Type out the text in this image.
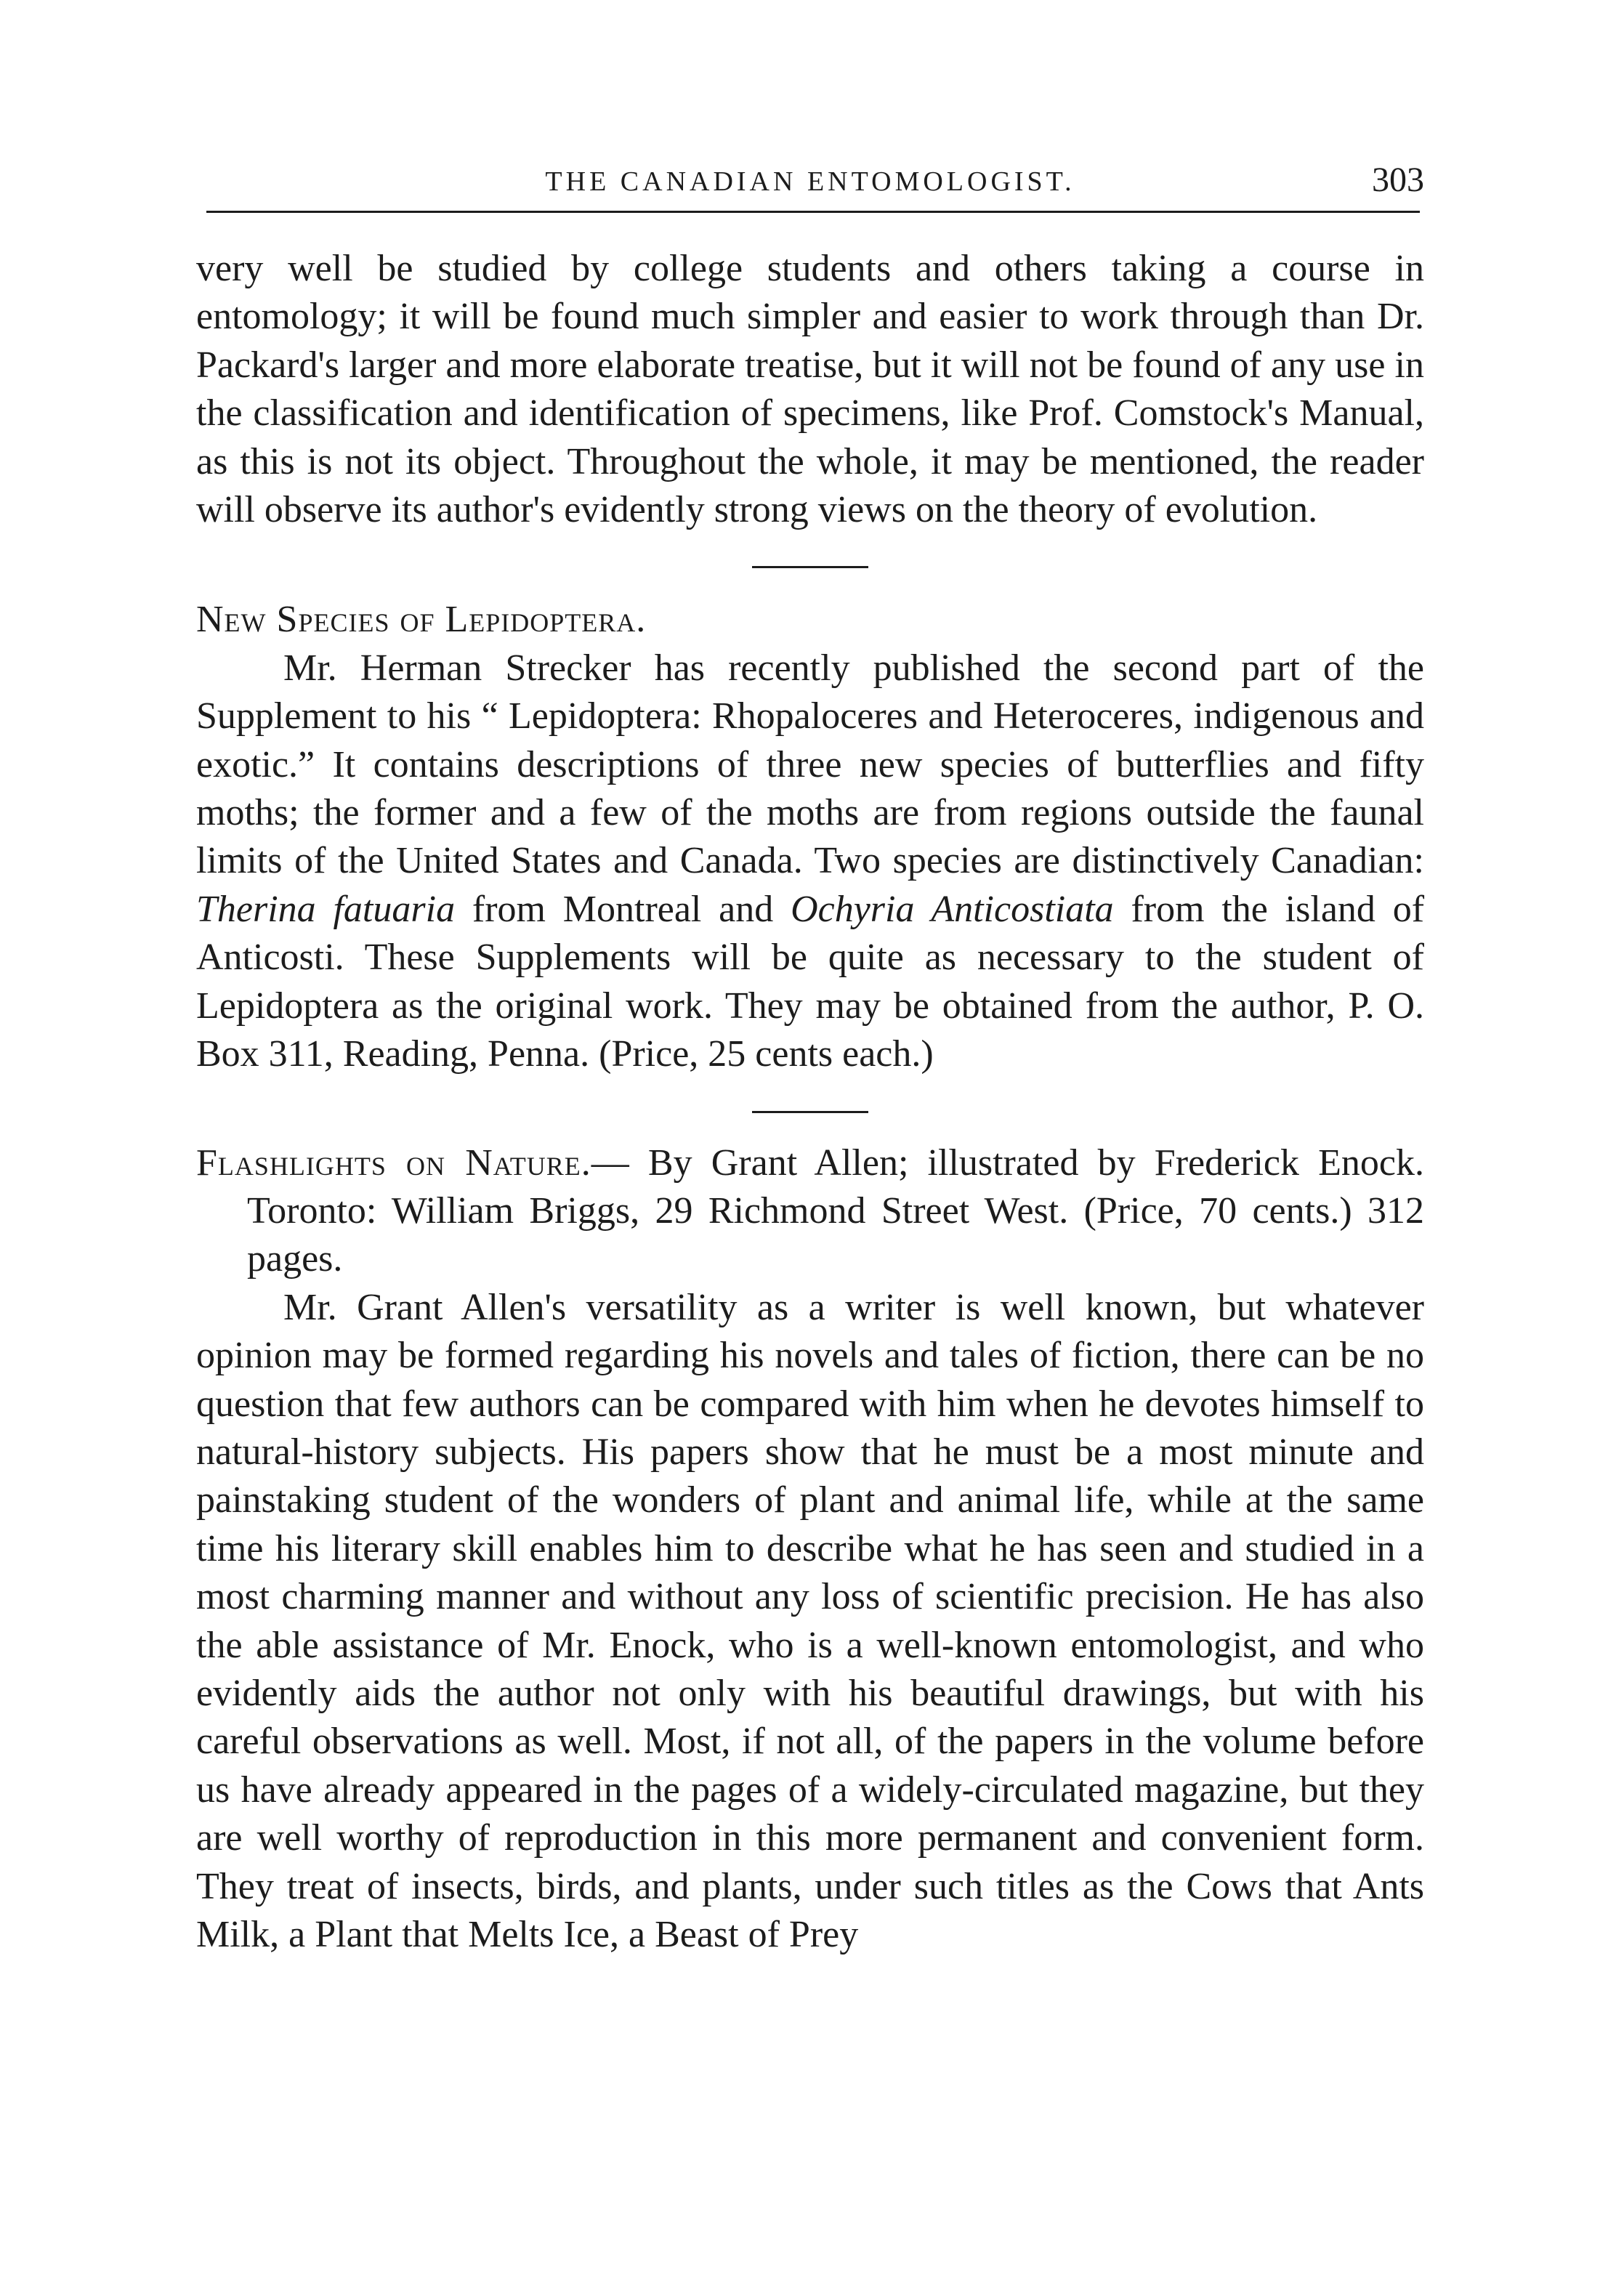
THE CANADIAN ENTOMOLOGIST.	303

very well be studied by college students and others taking a course in entomology; it will be found much simpler and easier to work through than Dr. Packard's larger and more elaborate treatise, but it will not be found of any use in the classification and identification of specimens, like Prof. Comstock's Manual, as this is not its object. Throughout the whole, it may be mentioned, the reader will observe its author's evidently strong views on the theory of evolution.

New Species of Lepidoptera.

Mr. Herman Strecker has recently published the second part of the Supplement to his “ Lepidoptera: Rhopaloceres and Heteroceres, indigenous and exotic.” It contains descriptions of three new species of butterflies and fifty moths; the former and a few of the moths are from regions outside the faunal limits of the United States and Canada. Two species are distinctively Canadian: Therina fatuaria from Montreal and Ochyria Anticostiata from the island of Anticosti. These Supplements will be quite as necessary to the student of Lepidoptera as the original work. They may be obtained from the author, P. O. Box 311, Reading, Penna. (Price, 25 cents each.)

Flashlights on Nature.— By Grant Allen; illustrated by Frederick Enock. Toronto: William Briggs, 29 Richmond Street West. (Price, 70 cents.) 312 pages.

Mr. Grant Allen's versatility as a writer is well known, but whatever opinion may be formed regarding his novels and tales of fiction, there can be no question that few authors can be compared with him when he devotes himself to natural-history subjects. His papers show that he must be a most minute and painstaking student of the wonders of plant and animal life, while at the same time his literary skill enables him to describe what he has seen and studied in a most charming manner and without any loss of scientific precision. He has also the able assistance of Mr. Enock, who is a well-known entomologist, and who evidently aids the author not only with his beautiful drawings, but with his careful observations as well. Most, if not all, of the papers in the volume before us have already appeared in the pages of a widely-circulated magazine, but they are well worthy of reproduction in this more permanent and convenient form. They treat of insects, birds, and plants, under such titles as the Cows that Ants Milk, a Plant that Melts Ice, a Beast of Prey
